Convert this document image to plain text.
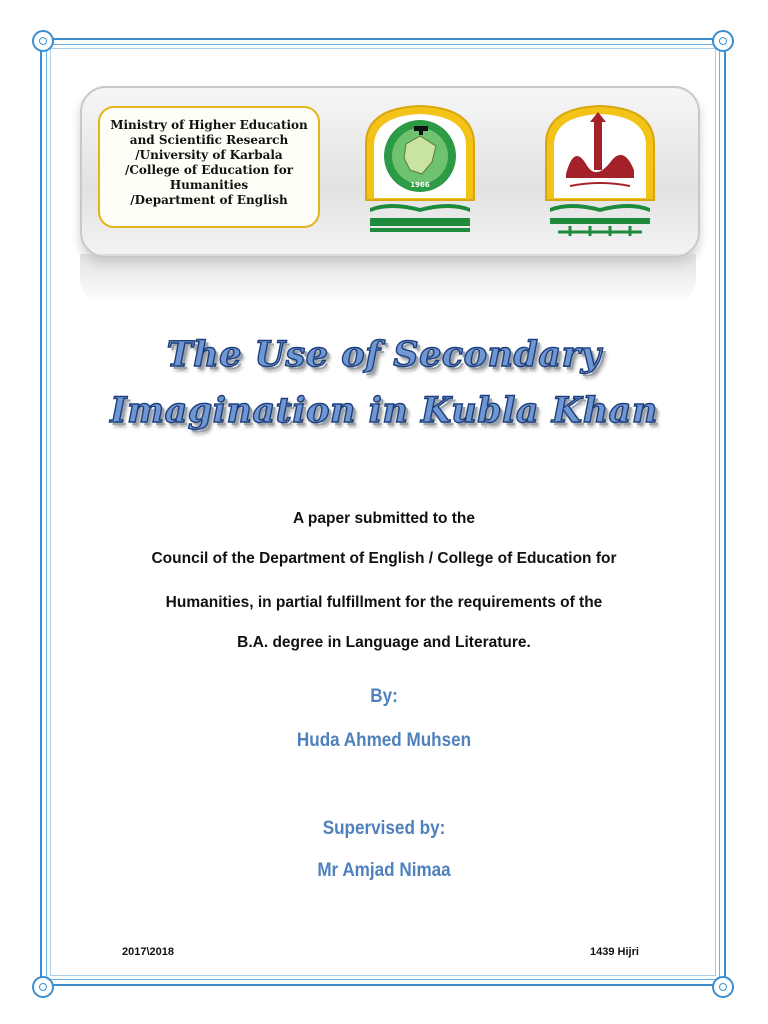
Ministry of Higher Education
and Scientific Research
/University of Karbala
/College of Education for
Humanities
/Department of English
1966
The Use of Secondary
Imagination in Kubla Khan
A paper submitted to the
Council of the Department of English / College of Education for
Humanities, in partial fulfillment for the requirements of the
B.A. degree in Language and Literature.
By:
Huda Ahmed Muhsen
Supervised by:
Mr Amjad Nimaa
2017\2018	1439 Hijri
